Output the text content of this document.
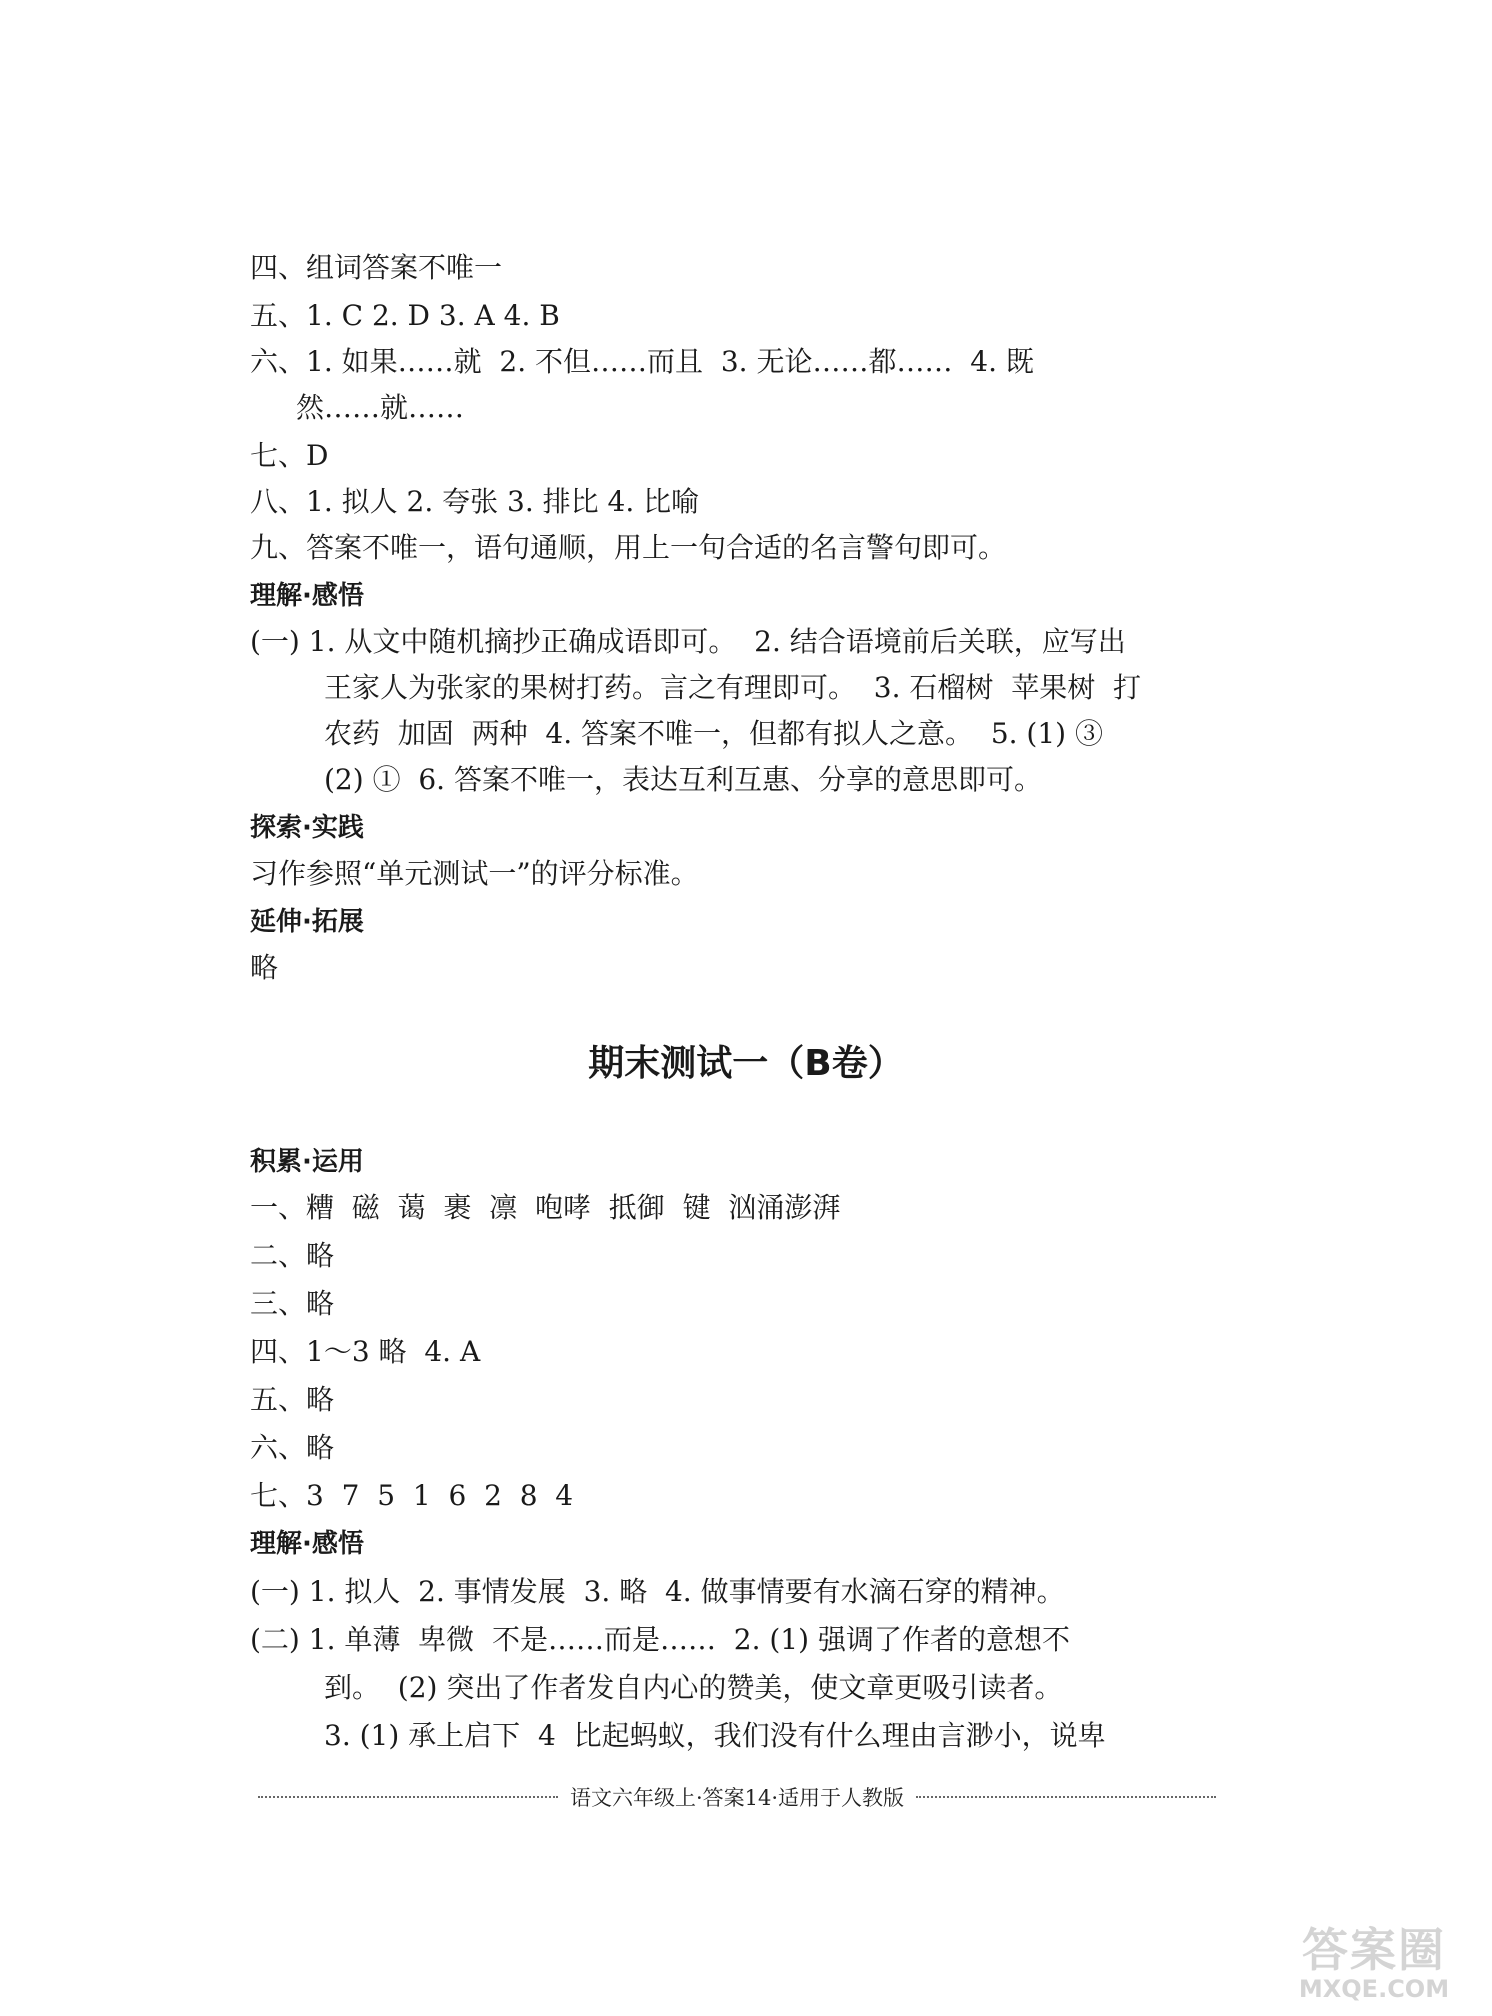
四、组词答案不唯一
五、1. C 2. D 3. A 4. B
六、1. 如果……就  2. 不但……而且  3. 无论……都……  4. 既
然……就……
七、D
八、1. 拟人 2. 夸张 3. 排比 4. 比喻
九、答案不唯一，语句通顺，用上一句合适的名言警句即可。
理解·感悟
(一) 1. 从文中随机摘抄正确成语即可。  2. 结合语境前后关联，应写出
王家人为张家的果树打药。言之有理即可。  3. 石榴树  苹果树  打
农药  加固  两种  4. 答案不唯一，但都有拟人之意。  5. (1) ③
(2) ①  6. 答案不唯一，表达互利互惠、分享的意思即可。
探索·实践
习作参照“单元测试一”的评分标准。
延伸·拓展
略
期末测试一（B卷）
积累·运用
一、糟  磁  蔼  裹  凛  咆哮  抵御  键  汹涌澎湃
二、略
三、略
四、1～3 略  4. A
五、略
六、略
七、3  7  5  1  6  2  8  4
理解·感悟
(一) 1. 拟人  2. 事情发展  3. 略  4. 做事情要有水滴石穿的精神。
(二) 1. 单薄  卑微  不是……而是……  2. (1) 强调了作者的意想不
到。  (2) 突出了作者发自内心的赞美，使文章更吸引读者。
3. (1) 承上启下  4  比起蚂蚁，我们没有什么理由言渺小，说卑
语文六年级上·答案14·适用于人教版
答案圈
MXQE.COM
